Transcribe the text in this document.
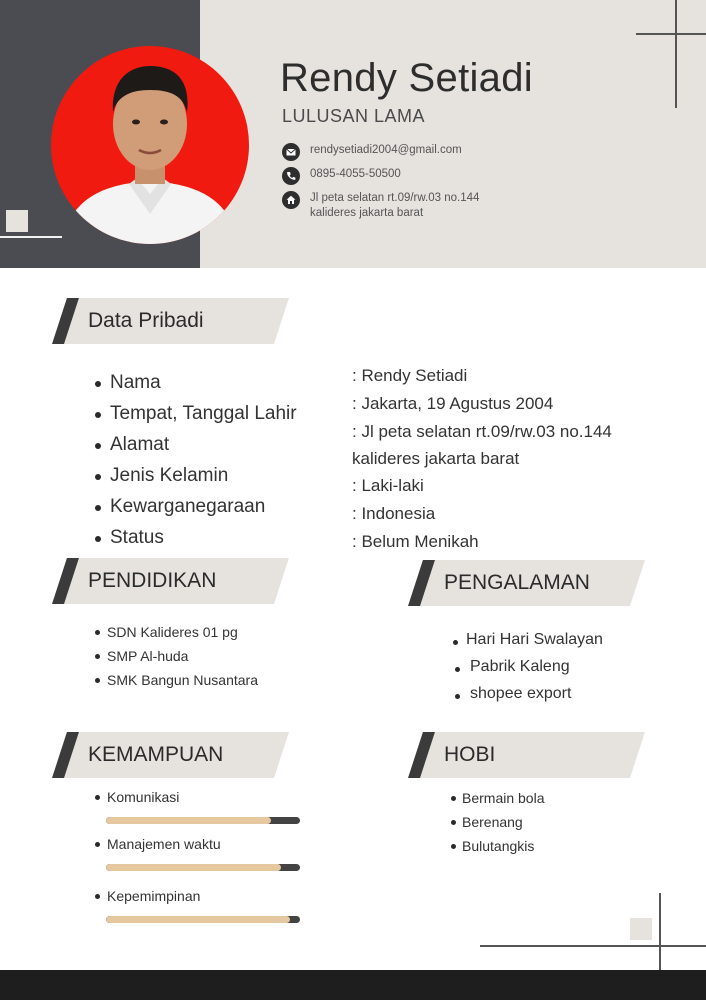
Rendy Setiadi
LULUSAN LAMA
rendysetiadi2004@gmail.com
0895-4055-50500
Jl peta selatan rt.09/rw.03 no.144
kalideres jakarta barat
Data Pribadi
Nama
Tempat, Tanggal Lahir
Alamat
Jenis Kelamin
Kewarganegaraan
Status
: Rendy Setiadi
: Jakarta, 19 Agustus 2004
: Jl peta selatan rt.09/rw.03 no.144
kalideres jakarta barat
: Laki-laki
: Indonesia
: Belum Menikah
PENDIDIKAN
SDN Kalideres 01 pg
SMP Al-huda
SMK Bangun Nusantara
PENGALAMAN
Hari Hari Swalayan
Pabrik Kaleng
shopee export
KEMAMPUAN
Komunikasi
Manajemen waktu
Kepemimpinan
HOBI
Bermain bola
Berenang
Bulutangkis
